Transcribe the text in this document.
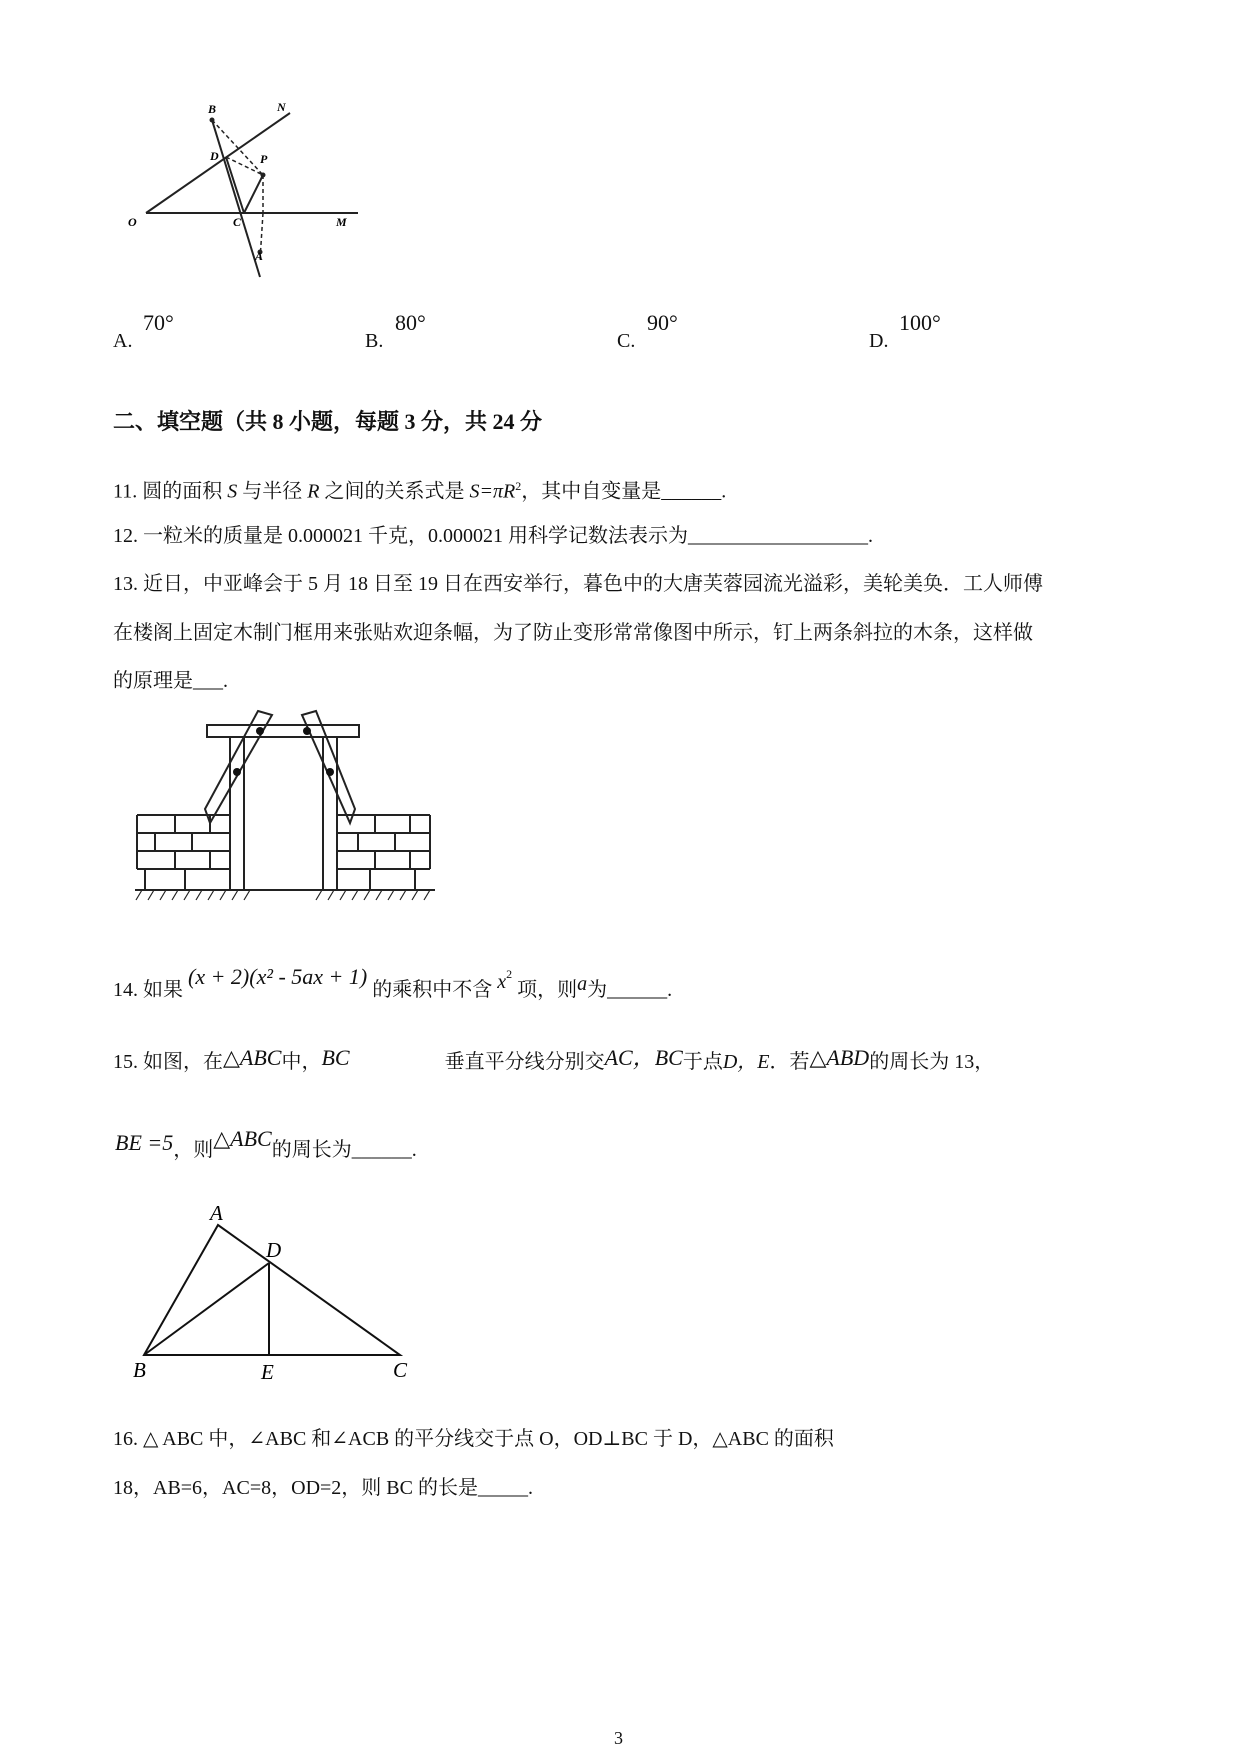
B	N
D	P
O	C	M
A
A.
70°
B.
80°
C.
90°
D.
100°
二、填空题（共 8 小题，每题 3 分，共 24 分
11. 圆的面积 S 与半径 R 之间的关系式是 $S=\pi R^2$，其中自变量是______.
12. 一粒米的质量是 0.000021 千克，0.000021 用科学记数法表示为__________________.
13. 近日，中亚峰会于 5 月 18 日至 19 日在西安举行，暮色中的大唐芙蓉园流光溢彩，美轮美奂．工人师傅
在楼阁上固定木制门框用来张贴欢迎条幅，为了防止变形常常像图中所示，钉上两条斜拉的木条，这样做
的原理是___.
14. 如果 (x + 2)(x² - 5ax + 1) 的乘积中不含 $x^2$ 项，则a为______.
15. 如图，在△ABC中，BC	垂直平分线分别交AC，BC于点D，E．若△ABD的周长为 13，
BE =5，则△ABC的周长为______.
A
D
B	E	C
16. △ ABC 中，∠ABC 和∠ACB 的平分线交于点 O，OD⊥BC 于 D，△ABC 的面积
18，AB=6，AC=8，OD=2，则 BC 的长是_____.
3
